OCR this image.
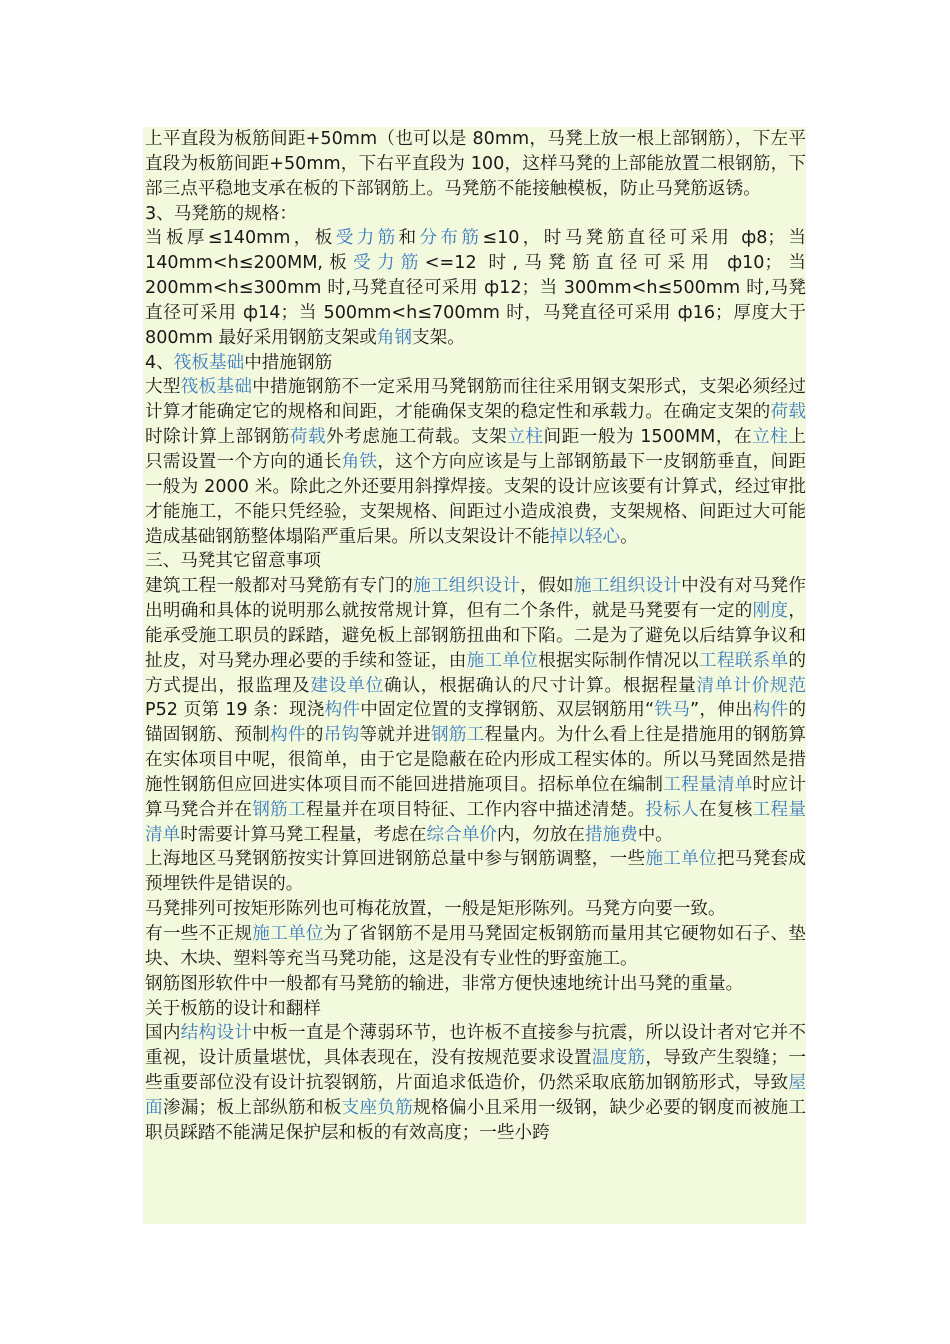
上平直段为板筋间距+50mm（也可以是 80mm，马凳上放一根上部钢筋），下左平直段为板筋间距+50mm，下右平直段为 100，这样马凳的上部能放置二根钢筋，下部三点平稳地支承在板的下部钢筋上。马凳筋不能接触模板，防止马凳筋返锈。

3、马凳筋的规格：

当板厚≤140mm，板受力筋和分布筋≤10，时马凳筋直径可采用 ф8；当 140mm<h≤200MM,板受力筋<=12 时,马凳筋直径可采用 ф10；当 200mm<h≤300mm 时,马凳直径可采用 ф12；当 300mm<h≤500mm 时,马凳直径可采用 ф14；当 500mm<h≤700mm 时，马凳直径可采用 ф16；厚度大于 800mm 最好采用钢筋支架或角钢支架。

4、筏板基础中措施钢筋

大型筏板基础中措施钢筋不一定采用马凳钢筋而往往采用钢支架形式，支架必须经过计算才能确定它的规格和间距，才能确保支架的稳定性和承载力。在确定支架的荷载时除计算上部钢筋荷载外考虑施工荷载。支架立柱间距一般为 1500MM，在立柱上只需设置一个方向的通长角铁，这个方向应该是与上部钢筋最下一皮钢筋垂直，间距一般为 2000 米。除此之外还要用斜撑焊接。支架的设计应该要有计算式，经过审批才能施工，不能只凭经验，支架规格、间距过小造成浪费，支架规格、间距过大可能造成基础钢筋整体塌陷严重后果。所以支架设计不能掉以轻心。

三、马凳其它留意事项

建筑工程一般都对马凳筋有专门的施工组织设计，假如施工组织设计中没有对马凳作出明确和具体的说明那么就按常规计算，但有二个条件，就是马凳要有一定的刚度，能承受施工职员的踩踏，避免板上部钢筋扭曲和下陷。二是为了避免以后结算争议和扯皮，对马凳办理必要的手续和签证，由施工单位根据实际制作情况以工程联系单的方式提出，报监理及建设单位确认，根据确认的尺寸计算。根据程量清单计价规范 P52 页第 19 条：现浇构件中固定位置的支撑钢筋、双层钢筋用“铁马”，伸出构件的锚固钢筋、预制构件的吊钩等就并进钢筋工程量内。为什么看上往是措施用的钢筋算在实体项目中呢，很简单，由于它是隐蔽在砼内形成工程实体的。所以马凳固然是措施性钢筋但应回进实体项目而不能回进措施项目。招标单位在编制工程量清单时应计算马凳合并在钢筋工程量并在项目特征、工作内容中描述清楚。投标人在复核工程量清单时需要计算马凳工程量，考虑在综合单价内，勿放在措施费中。

上海地区马凳钢筋按实计算回进钢筋总量中参与钢筋调整，一些施工单位把马凳套成预埋铁件是错误的。

马凳排列可按矩形陈列也可梅花放置，一般是矩形陈列。马凳方向要一致。

有一些不正规施工单位为了省钢筋不是用马凳固定板钢筋而量用其它硬物如石子、垫块、木块、塑料等充当马凳功能，这是没有专业性的野蛮施工。

钢筋图形软件中一般都有马凳筋的输进，非常方便快速地统计出马凳的重量。

关于板筋的设计和翻样

国内结构设计中板一直是个薄弱环节，也许板不直接参与抗震，所以设计者对它并不重视，设计质量堪忧，具体表现在，没有按规范要求设置温度筋，导致产生裂缝；一些重要部位没有设计抗裂钢筋，片面追求低造价，仍然采取底筋加钢筋形式，导致屋面渗漏；板上部纵筋和板支座负筋规格偏小且采用一级钢，缺少必要的钢度而被施工职员踩踏不能满足保护层和板的有效高度；一些小跨
